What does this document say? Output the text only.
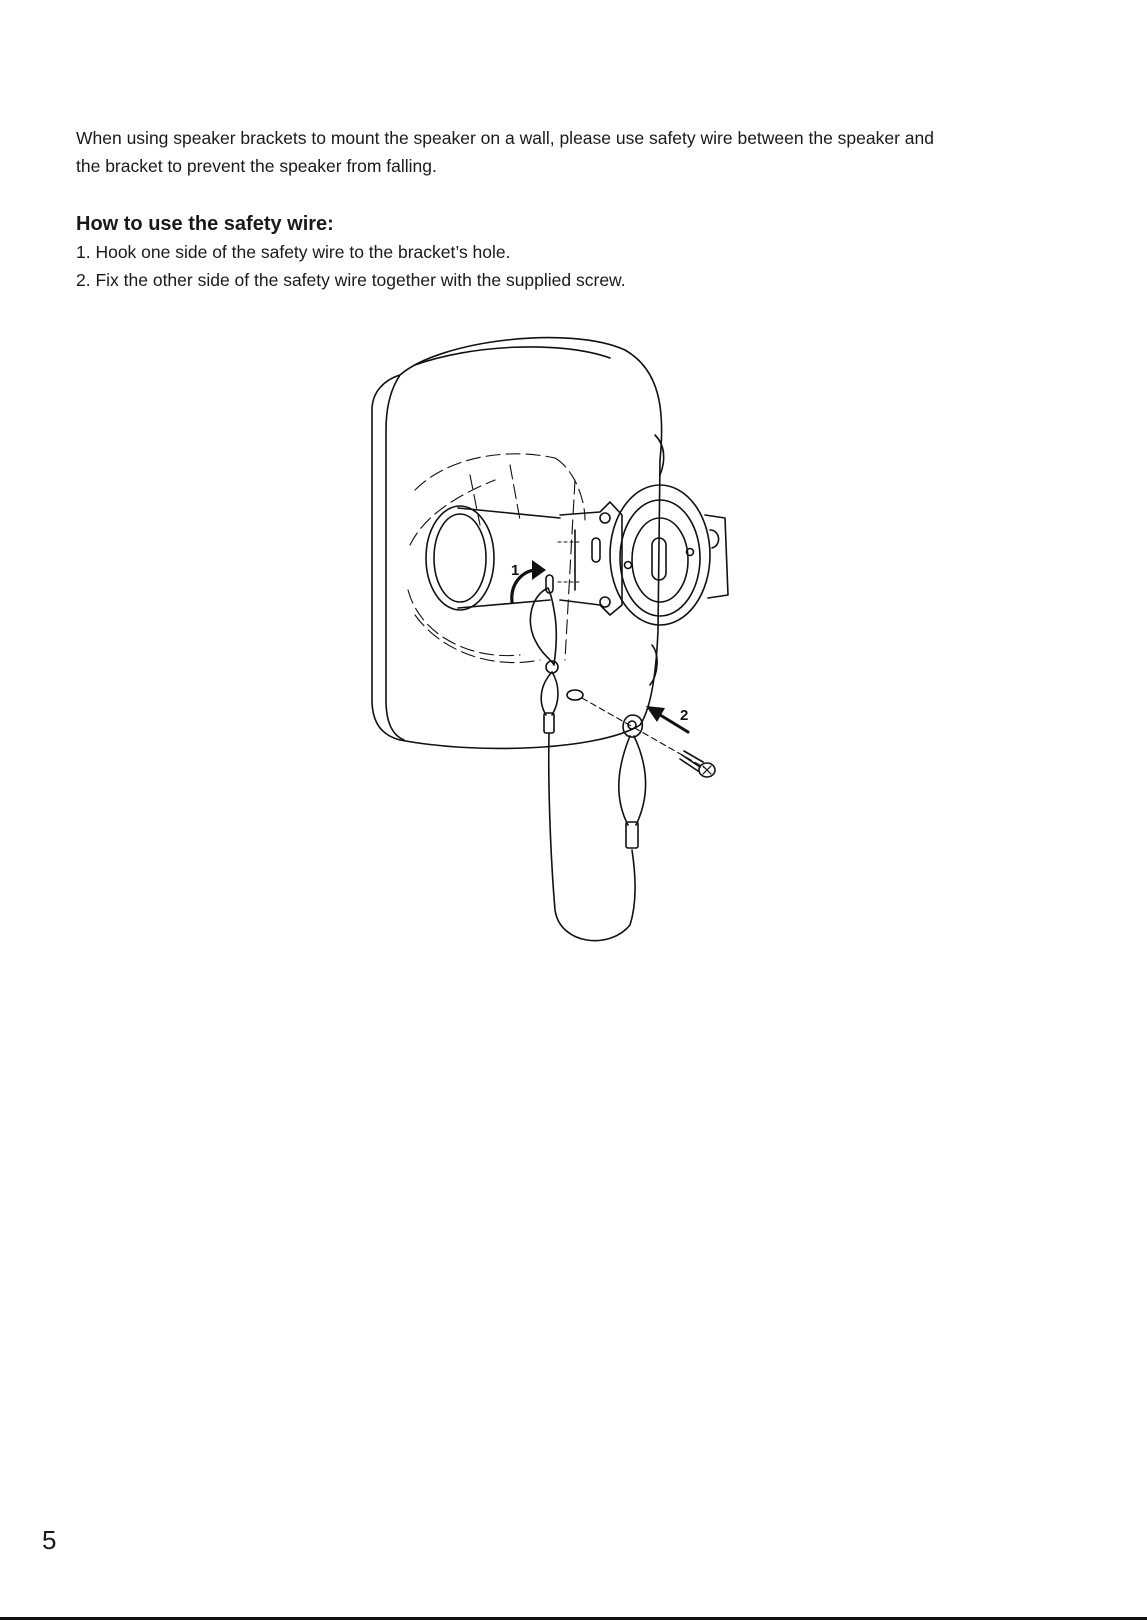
When using speaker brackets to mount the speaker on a wall, please use safety wire between the speaker and
the bracket to prevent the speaker from falling.

How to use the safety wire:
1. Hook one side of the safety wire to the bracket’s hole.
2. Fix the other side of the safety wire together with the supplied screw.
1
2

5
